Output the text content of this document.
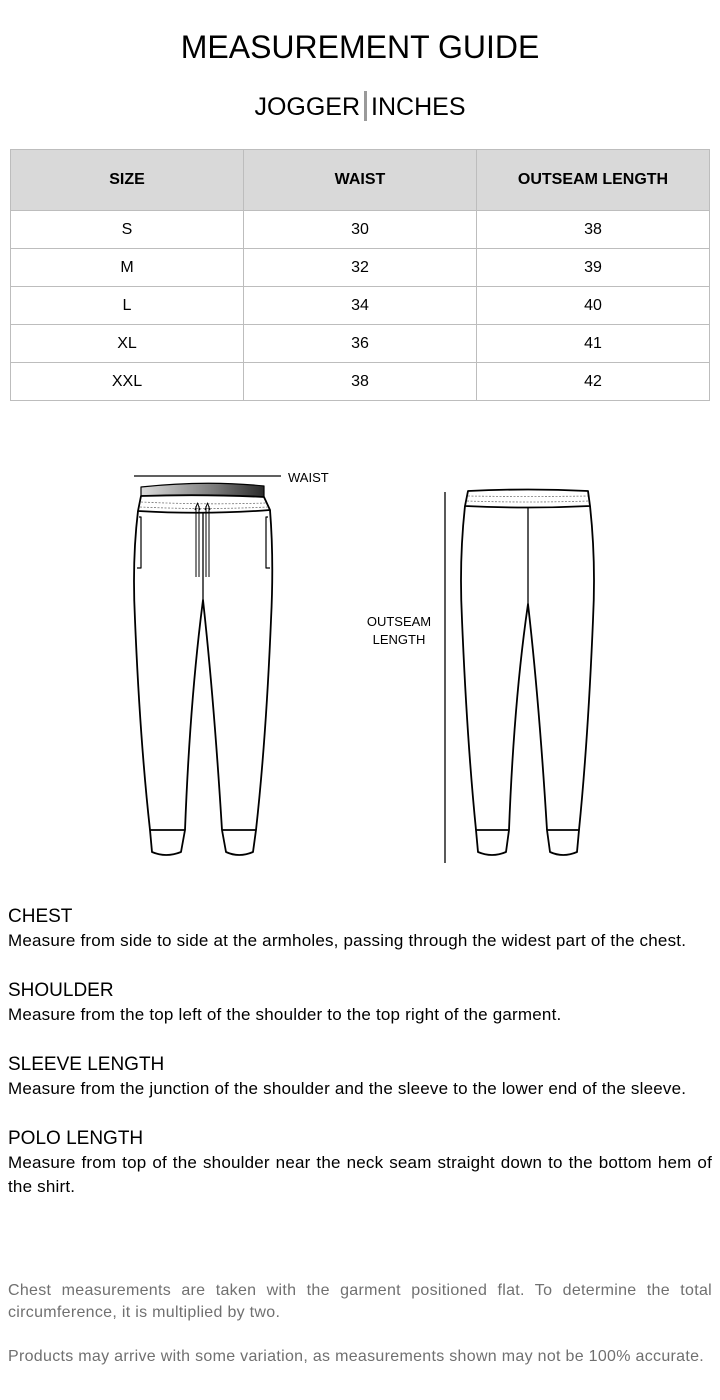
MEASUREMENT GUIDE
JOGGER INCHES
SIZE	WAIST	OUTSEAM LENGTH
S	30	38
M	32	39
L	34	40
XL	36	41
XXL	38	42
WAIST
OUTSEAM
LENGTH
CHEST
Measure from side to side at the armholes, passing through the widest part of the chest.
SHOULDER
Measure from the top left of the shoulder to the top right of the garment.
SLEEVE LENGTH
Measure from the junction of the shoulder and the sleeve to the lower end of the sleeve.
POLO LENGTH
Measure from top of the shoulder near the neck seam straight down to the bottom hem of the shirt.
Chest measurements are taken with the garment positioned flat. To determine the total circumference, it is multiplied by two.
Products may arrive with some variation, as measurements shown may not be 100% accurate.
